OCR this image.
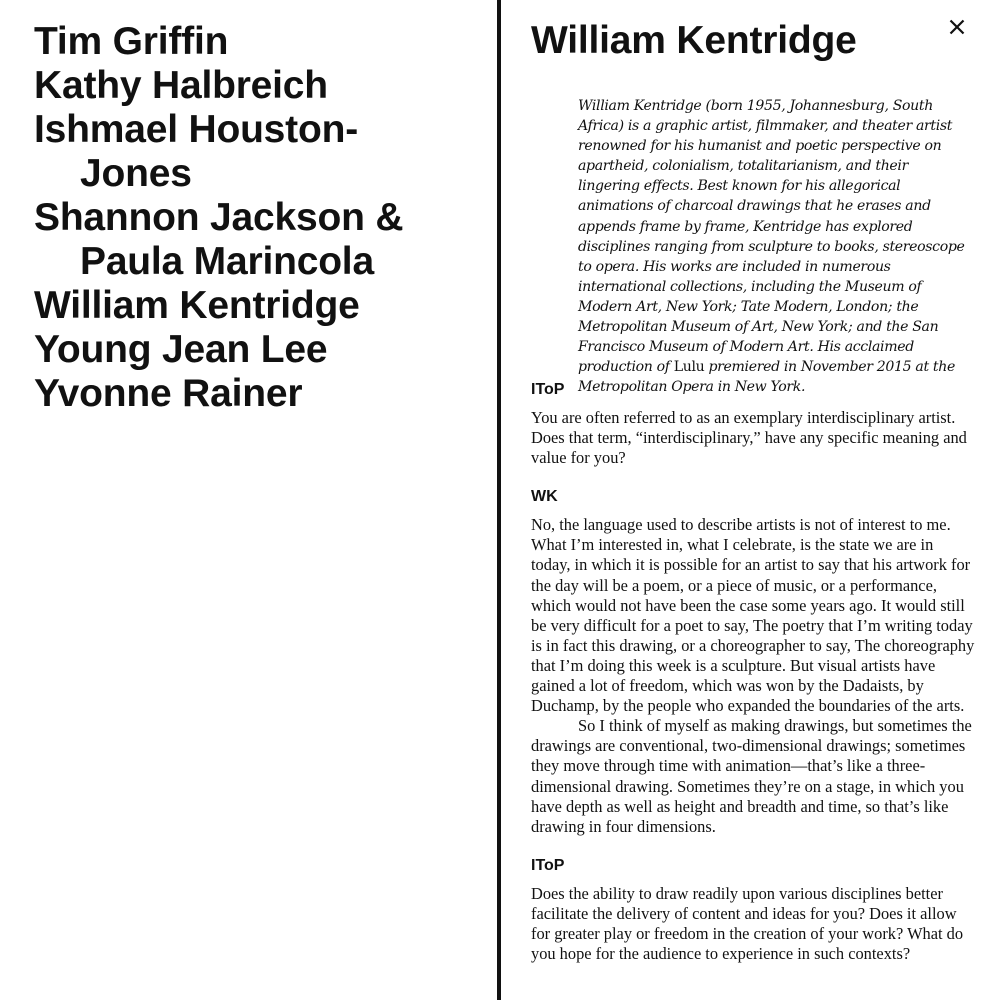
Tim Griffin
Kathy Halbreich
Ishmael Houston-
Jones
Shannon Jackson &
Paula Marincola
William Kentridge
Young Jean Lee
Yvonne Rainer
William Kentridge

William Kentridge (born 1955, Johannesburg, South Africa) is a graphic artist, filmmaker, and theater artist renowned for his humanist and poetic perspective on apartheid, colonialism, totalitarianism, and their lingering effects. Best known for his allegorical animations of charcoal drawings that he erases and appends frame by frame, Kentridge has explored disciplines ranging from sculpture to books, stereoscope to opera. His works are included in numerous international collections, including the Museum of Modern Art, New York; Tate Modern, London; the Metropolitan Museum of Art, New York; and the San Francisco Museum of Modern Art. His acclaimed production of Lulu premiered in November 2015 at the Metropolitan Opera in New York.

IToP

You are often referred to as an exemplary interdisciplinary artist. Does that term, “interdisciplinary,” have any specific meaning and value for you?

WK

No, the language used to describe artists is not of interest to me. What I’m interested in, what I celebrate, is the state we are in today, in which it is possible for an artist to say that his artwork for the day will be a poem, or a piece of music, or a performance, which would not have been the case some years ago. It would still be very difficult for a poet to say, The poetry that I’m writing today is in fact this drawing, or a choreographer to say, The choreography that I’m doing this week is a sculpture. But visual artists have gained a lot of freedom, which was won by the Dadaists, by Duchamp, by the people who expanded the boundaries of the arts.

So I think of myself as making drawings, but sometimes the drawings are conventional, two-dimensional drawings; sometimes they move through time with animation—that’s like a three-dimensional drawing. Sometimes they’re on a stage, in which you have depth as well as height and breadth and time, so that’s like drawing in four dimensions.

IToP

Does the ability to draw readily upon various disciplines better facilitate the delivery of content and ideas for you? Does it allow for greater play or freedom in the creation of your work? What do you hope for the audience to experience in such contexts?
